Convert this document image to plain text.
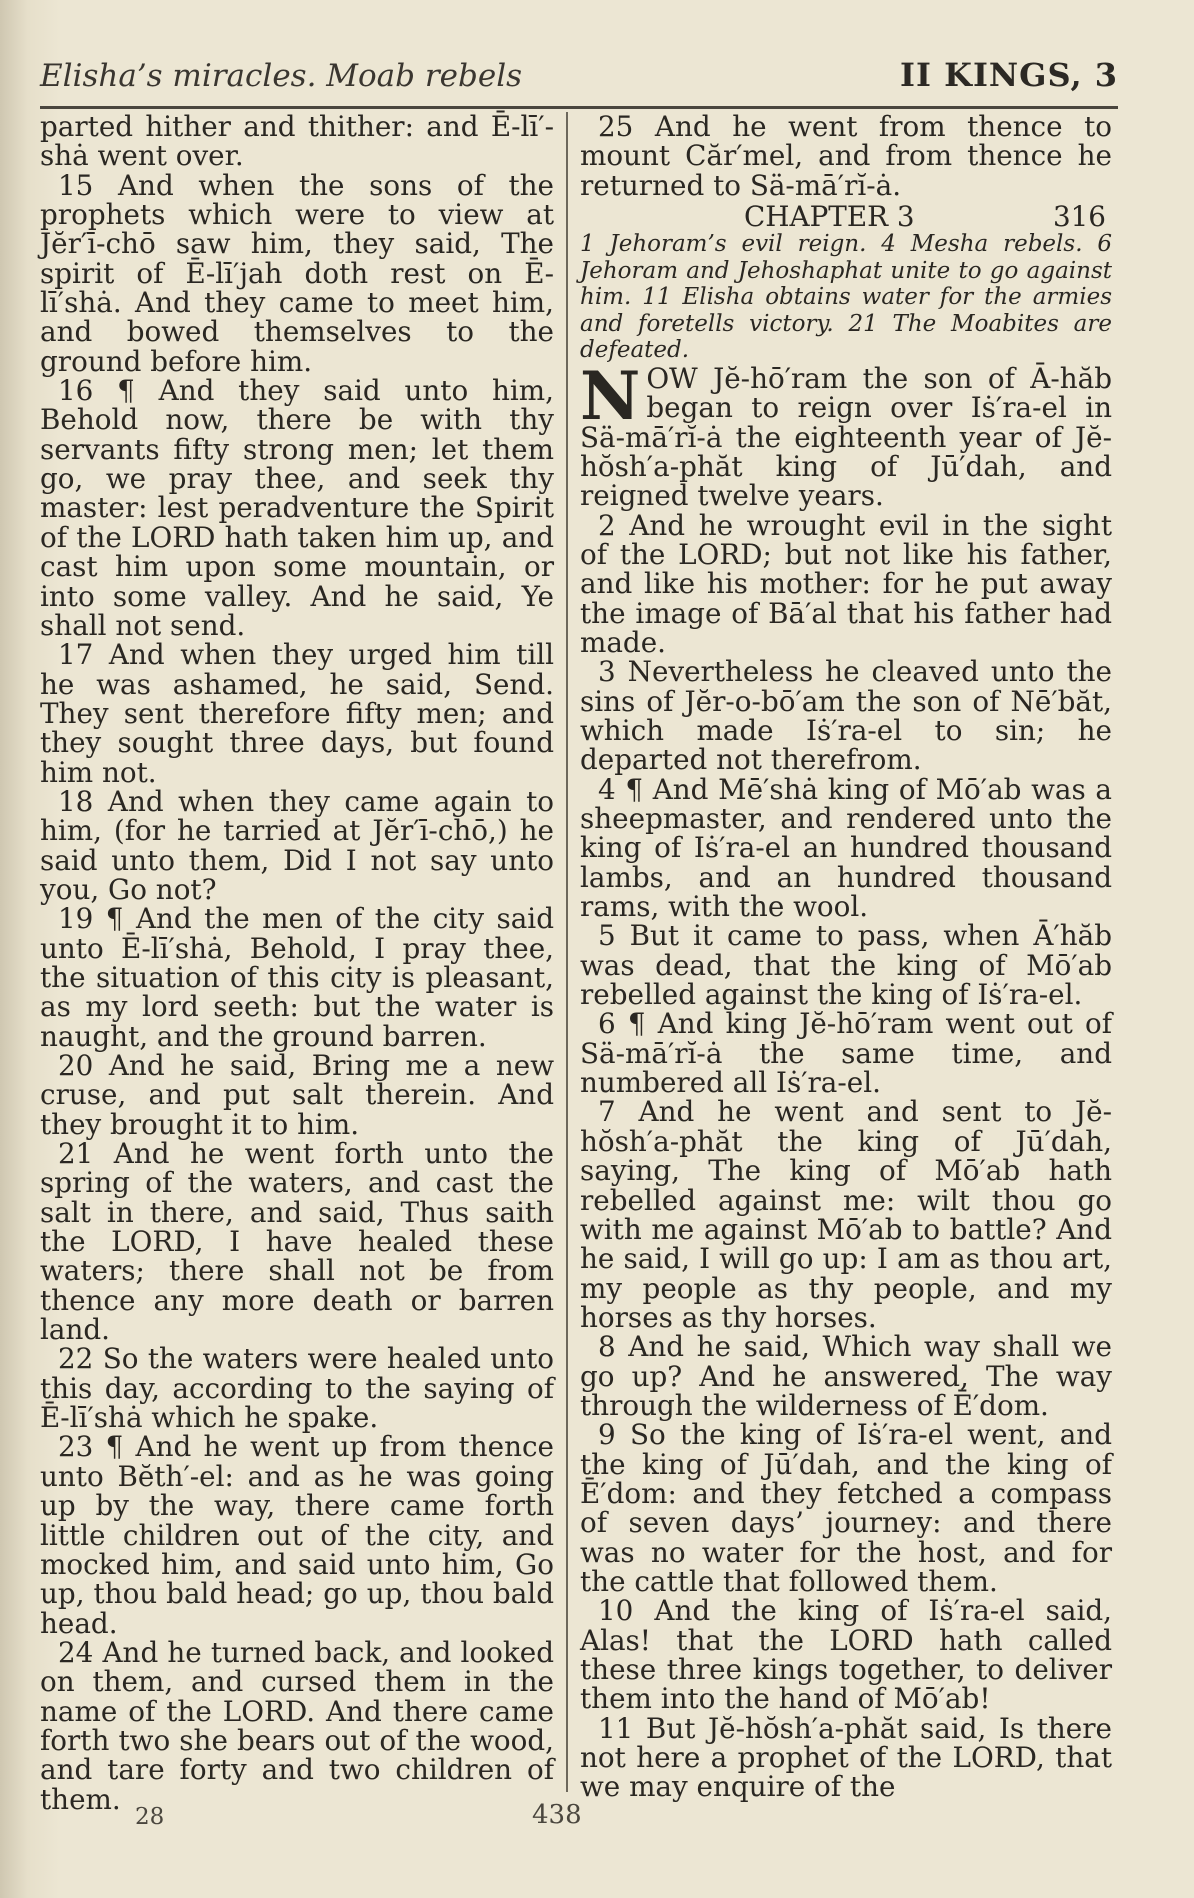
Elisha’s miracles. Moab rebels	II KINGS, 3

parted hither and thither: and Ē-lī′-shȧ went over.

15 And when the sons of the prophets which were to view at Jĕr′ī-chō saw him, they said, The spirit of Ē-lī′jah doth rest on Ē-lī′shȧ. And they came to meet him, and bowed themselves to the ground before him.

16 ¶ And they said unto him, Behold now, there be with thy servants fifty strong men; let them go, we pray thee, and seek thy master: lest peradventure the Spirit of the LORD hath taken him up, and cast him upon some mountain, or into some valley. And he said, Ye shall not send.

17 And when they urged him till he was ashamed, he said, Send. They sent therefore fifty men; and they sought three days, but found him not.

18 And when they came again to him, (for he tarried at Jĕr′ī-chō,) he said unto them, Did I not say unto you, Go not?

19 ¶ And the men of the city said unto Ē-lī′shȧ, Behold, I pray thee, the situation of this city is pleasant, as my lord seeth: but the water is naught, and the ground barren.

20 And he said, Bring me a new cruse, and put salt therein. And they brought it to him.

21 And he went forth unto the spring of the waters, and cast the salt in there, and said, Thus saith the LORD, I have healed these waters; there shall not be from thence any more death or barren land.

22 So the waters were healed unto this day, according to the saying of Ē-lī′shȧ which he spake.

23 ¶ And he went up from thence unto Bĕth′-el: and as he was going up by the way, there came forth little children out of the city, and mocked him, and said unto him, Go up, thou bald head; go up, thou bald head.

24 And he turned back, and looked on them, and cursed them in the name of the LORD. And there came forth two she bears out of the wood, and tare forty and two children of them.

25 And he went from thence to mount Căr′mel, and from thence he returned to Sä-mā′rĭ-ȧ.

CHAPTER 3	316

1 Jehoram’s evil reign. 4 Mesha rebels. 6 Jehoram and Jehoshaphat unite to go against him. 11 Elisha obtains water for the armies and foretells victory. 21 The Moabites are defeated.

NOW Jĕ-hō′ram the son of Ā-hăb began to reign over Iṡ′ra-el in Sä-mā′rĭ-ȧ the eighteenth year of Jĕ-hŏsh′a-phăt king of Jū′dah, and reigned twelve years.

2 And he wrought evil in the sight of the LORD; but not like his father, and like his mother: for he put away the image of Bā′al that his father had made.

3 Nevertheless he cleaved unto the sins of Jĕr-o-bō′am the son of Nē′băt, which made Iṡ′ra-el to sin; he departed not therefrom.

4 ¶ And Mē′shȧ king of Mō′ab was a sheepmaster, and rendered unto the king of Iṡ′ra-el an hundred thousand lambs, and an hundred thousand rams, with the wool.

5 But it came to pass, when Ā′hăb was dead, that the king of Mō′ab rebelled against the king of Iṡ′ra-el.

6 ¶ And king Jĕ-hō′ram went out of Sä-mā′rĭ-ȧ the same time, and numbered all Iṡ′ra-el.

7 And he went and sent to Jĕ-hŏsh′a-phăt the king of Jū′dah, saying, The king of Mō′ab hath rebelled against me: wilt thou go with me against Mō′ab to battle? And he said, I will go up: I am as thou art, my people as thy people, and my horses as thy horses.

8 And he said, Which way shall we go up? And he answered, The way through the wilderness of Ē′dom.

9 So the king of Iṡ′ra-el went, and the king of Jū′dah, and the king of Ē′dom: and they fetched a compass of seven days’ journey: and there was no water for the host, and for the cattle that followed them.

10 And the king of Iṡ′ra-el said, Alas! that the LORD hath called these three kings together, to deliver them into the hand of Mō′ab!

11 But Jĕ-hŏsh′a-phăt said, Is there not here a prophet of the LORD, that we may enquire of the

28	438
